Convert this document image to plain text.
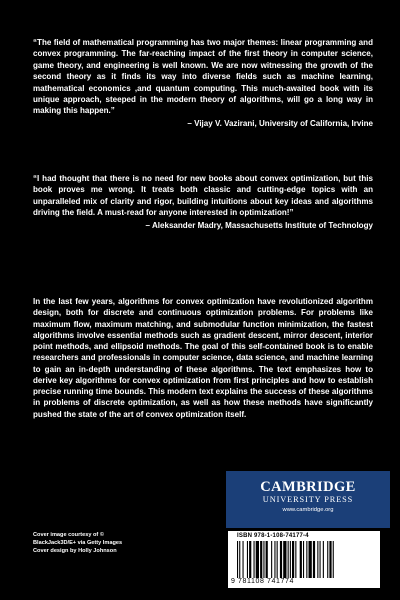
“The field of mathematical programming has two major themes: linear programming and convex programming. The far-reaching impact of the first theory in computer science, game theory, and engineering is well known. We are now witnessing the growth of the second theory as it finds its way into diverse fields such as machine learning, mathematical economics ,and quantum computing. This much-awaited book with its unique approach, steeped in the modern theory of algorithms, will go a long way in making this happen.”

– Vijay V. Vazirani, University of California, Irvine

“I had thought that there is no need for new books about convex optimization, but this book proves me wrong. It treats both classic and cutting-edge topics with an unparalleled mix of clarity and rigor, building intuitions about key ideas and algorithms driving the field. A must-read for anyone interested in optimization!”

– Aleksander Madry, Massachusetts Institute of Technology

In the last few years, algorithms for convex optimization have revolutionized algorithm design, both for discrete and continuous optimization problems. For problems like maximum flow, maximum matching, and submodular function minimization, the fastest algorithms involve essential methods such as gradient descent, mirror descent, interior point methods, and ellipsoid methods. The goal of this self-contained book is to enable researchers and professionals in computer science, data science, and machine learning to gain an in-depth understanding of these algorithms. The text emphasizes how to derive key algorithms for convex optimization from first principles and how to establish precise running time bounds. This modern text explains the success of these algorithms in problems of discrete optimization, as well as how these methods have significantly pushed the state of the art of convex optimization itself.

Cover image courtesy of ©
BlackJack3D/E+ via Getty Images
Cover design by Holly Johnson
CAMBRIDGE
UNIVERSITY PRESS
www.cambridge.org
ISBN 978-1-108-74177-4
9 781108 741774
